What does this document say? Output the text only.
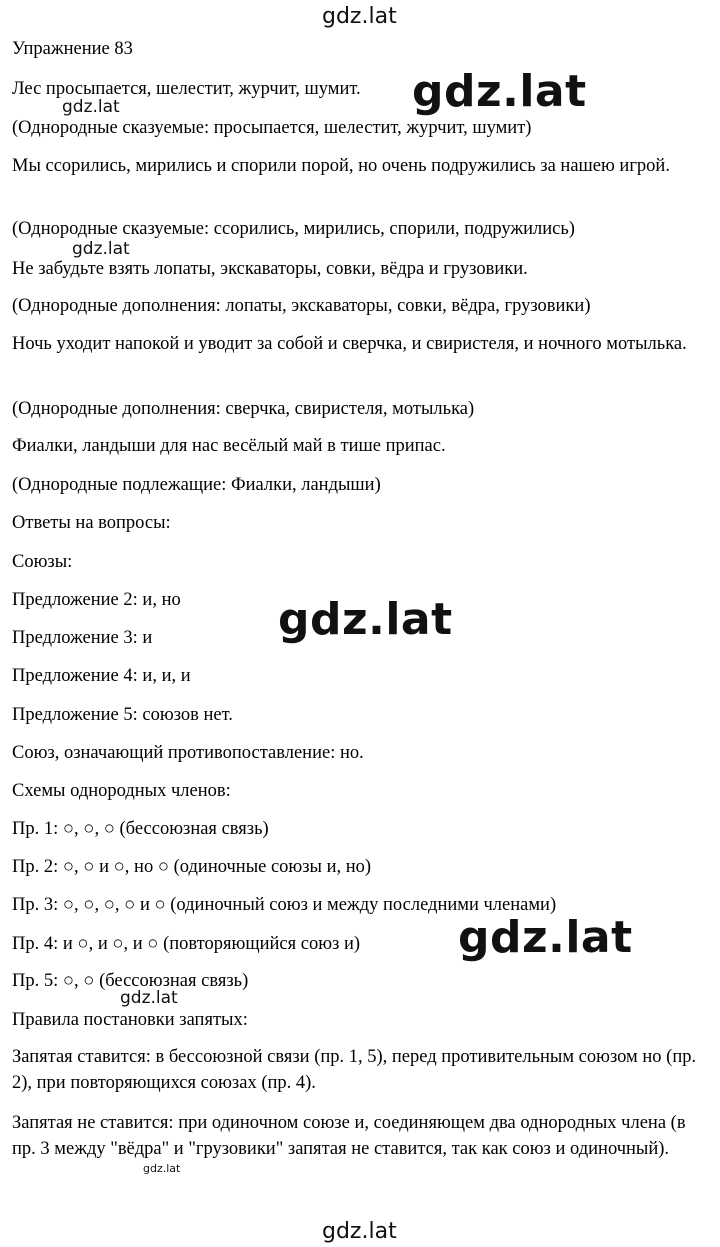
gdz.lat
gdz.lat	gdz.lat
gdz.lat
gdz.lat
gdz.lat
gdz.lat
gdz.lat
gdz.lat
Упражнение 83
Лес просыпается, шелестит, журчит, шумит.
(Однородные сказуемые: просыпается, шелестит, журчит, шумит)
Мы ссорились, мирились и спорили порой, но очень подружились за нашею игрой.
(Однородные сказуемые: ссорились, мирились, спорили, подружились)
Не забудьте взять лопаты, экскаваторы, совки, вёдра и грузовики.
(Однородные дополнения: лопаты, экскаваторы, совки, вёдра, грузовики)
Ночь уходит напокой и уводит за собой и сверчка, и свиристеля, и ночного мотылька.
(Однородные дополнения: сверчка, свиристеля, мотылька)
Фиалки, ландыши для нас весёлый май в тише припас.
(Однородные подлежащие: Фиалки, ландыши)
Ответы на вопросы:
Союзы:
Предложение 2: и, но
Предложение 3: и
Предложение 4: и, и, и
Предложение 5: союзов нет.
Союз, означающий противопоставление: но.
Схемы однородных членов:
Пр. 1: ○, ○, ○ (бессоюзная связь)
Пр. 2: ○, ○ и ○, но ○ (одиночные союзы и, но)
Пр. 3: ○, ○, ○, ○ и ○ (одиночный союз и между последними членами)
Пр. 4: и ○, и ○, и ○ (повторяющийся союз и)
Пр. 5: ○, ○ (бессоюзная связь)
Правила постановки запятых:
Запятая ставится: в бессоюзной связи (пр. 1, 5), перед противительным союзом но (пр. 2), при повторяющихся союзах (пр. 4).
Запятая не ставится: при одиночном союзе и, соединяющем два однородных члена (в пр. 3 между "вёдра" и "грузовики" запятая не ставится, так как союз и одиночный).
